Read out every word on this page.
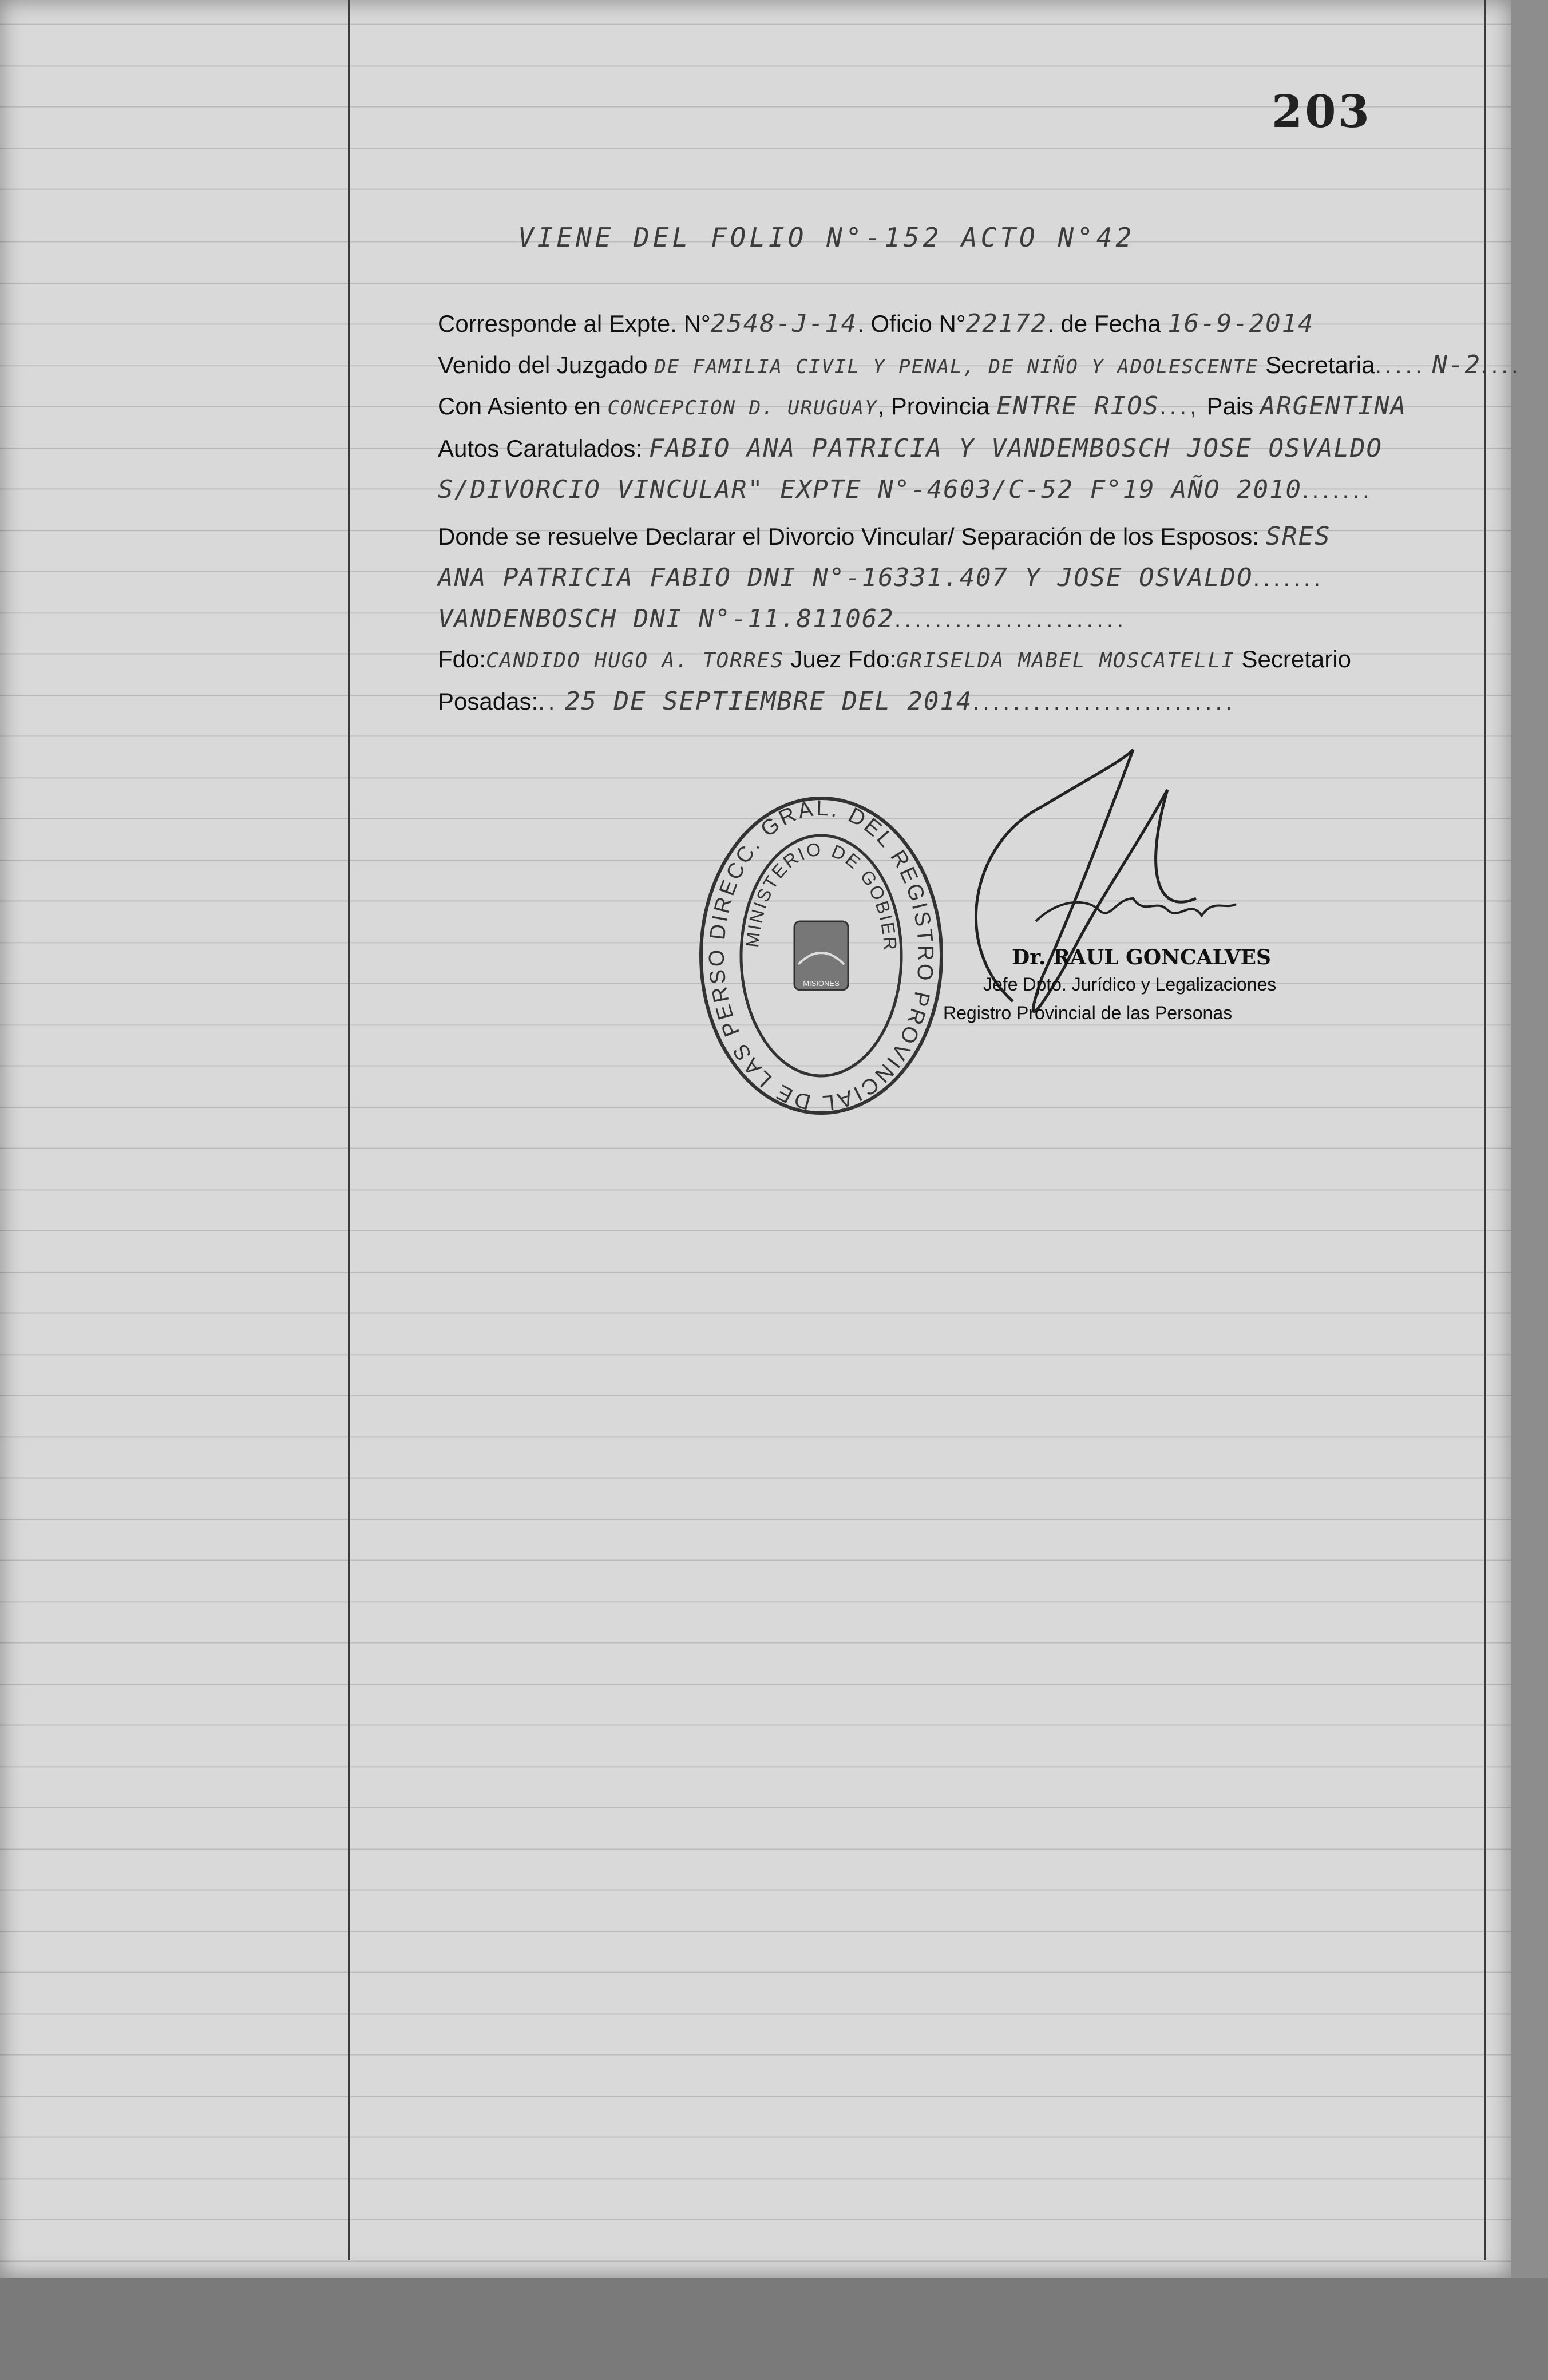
203
VIENE DEL FOLIO N°-152 ACTO N°42
Corresponde al Expte. N°2548-J-14. Oficio N°22172. de Fecha 16-9-2014
Venido del Juzgado DE FAMILIA CIVIL Y PENAL, DE NIÑO Y ADOLESCENTE Secretaria..... N-2....
Con Asiento en CONCEPCION D. URUGUAY, Provincia ENTRE RIOS..., Pais ARGENTINA
Autos Caratulados: FABIO ANA PATRICIA Y VANDEMBOSCH JOSE OSVALDO
S/DIVORCIO VINCULAR" EXPTE N°-4603/C-52 F°19 AÑO 2010.......
Donde se resuelve Declarar el Divorcio Vincular/ Separación de los Esposos: SRES
ANA PATRICIA FABIO DNI N°-16331.407 Y JOSE OSVALDO.......
VANDENBOSCH DNI N°-11.811062.......................
Fdo:CANDIDO HUGO A. TORRES Juez Fdo:GRISELDA MABEL MOSCATELLI Secretario
Posadas:.. 25 DE SEPTIEMBRE DEL 2014..........................
DIRECC. GRAL. DEL REGISTRO PROVINCIAL DE LAS PERSO
MINISTERIO DE GOBIER
MISIONES
Dr. RAUL GONCALVES
Jefe Dpto. Jurídico y Legalizaciones
Registro Provincial de las Personas
